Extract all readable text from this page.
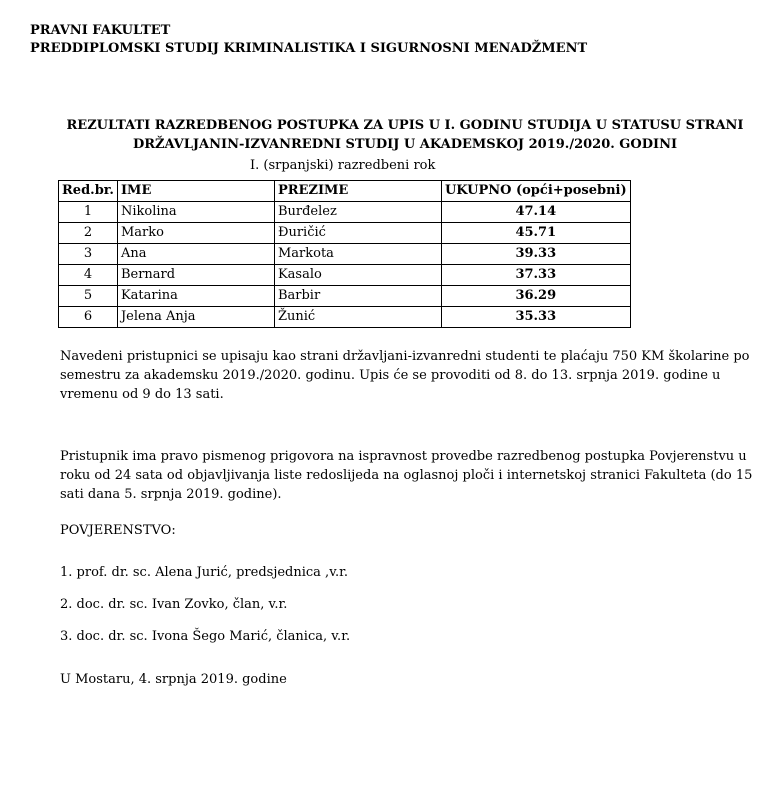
PRAVNI FAKULTET
PREDDIPLOMSKI STUDIJ KRIMINALISTIKA I SIGURNOSNI MENADŽMENT
REZULTATI RAZREDBENOG POSTUPKA ZA UPIS U I. GODINU STUDIJA U STATUSU STRANI
DRŽAVLJANIN-IZVANREDNI STUDIJ U AKADEMSKOJ 2019./2020. GODINI
I. (srpanjski) razredbeni rok
Red.br.	IME	PREZIME	UKUPNO (opći+posebni)
1	Nikolina	Burđelez	47.14
2	Marko	Đuričić	45.71
3	Ana	Markota	39.33
4	Bernard	Kasalo	37.33
5	Katarina	Barbir	36.29
6	Jelena Anja	Žunić	35.33
Navedeni pristupnici se upisaju kao strani državljani-izvanredni studenti te plaćaju 750 KM školarine po semestru za akademsku 2019./2020. godinu. Upis će se provoditi od 8. do 13. srpnja 2019. godine u vremenu od 9 do 13 sati.
Pristupnik ima pravo pismenog prigovora na ispravnost provedbe razredbenog postupka Povjerenstvu u roku od 24 sata od objavljivanja liste redoslijeda na oglasnoj ploči i internetskoj stranici Fakulteta (do 15 sati dana 5. srpnja 2019. godine).
POVJERENSTVO:
1. prof. dr. sc. Alena Jurić, predsjednica ,v.r.
2. doc. dr. sc. Ivan Zovko, član, v.r.
3. doc. dr. sc. Ivona Šego Marić, članica, v.r.
U Mostaru, 4. srpnja 2019. godine
